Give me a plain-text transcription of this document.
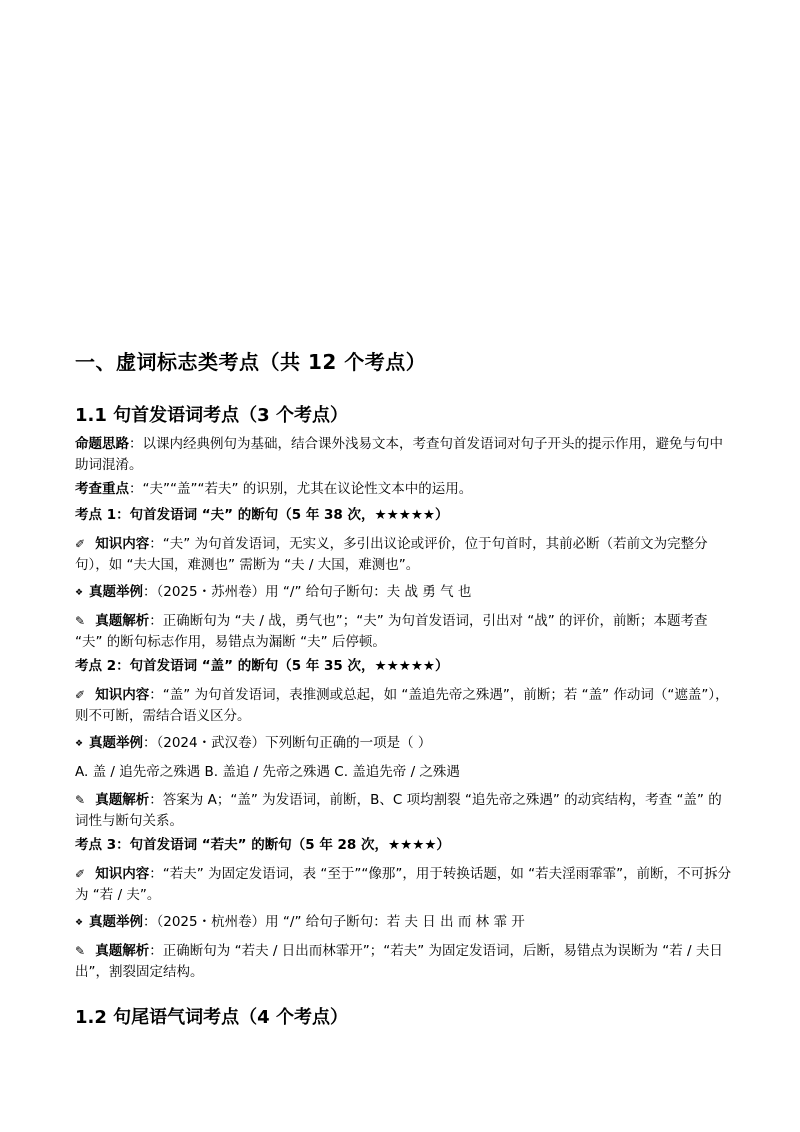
一、虚词标志类考点（共 12 个考点）
1.1 句首发语词考点（3 个考点）
命题思路：以课内经典例句为基础，结合课外浅易文本，考查句首发语词对句子开头的提示作用，避免与句中助词混淆。
考查重点：“夫”“盖”“若夫” 的识别，尤其在议论性文本中的运用。
考点 1：句首发语词 “夫” 的断句（5 年 38 次，★★★★★）
✐ 知识内容：“夫” 为句首发语词，无实义，多引出议论或评价，位于句首时，其前必断（若前文为完整分句），如 “夫大国，难测也” 需断为 “夫 / 大国，难测也”。
❖ 真题举例：（2025・苏州卷）用 “/” 给句子断句：夫 战 勇 气 也
✎ 真题解析：正确断句为 “夫 / 战，勇气也”；“夫” 为句首发语词，引出对 “战” 的评价，前断；本题考查 “夫” 的断句标志作用，易错点为漏断 “夫” 后停顿。
考点 2：句首发语词 “盖” 的断句（5 年 35 次，★★★★★）
✐ 知识内容：“盖” 为句首发语词，表推测或总起，如 “盖追先帝之殊遇”，前断；若 “盖” 作动词（“遮盖”），则不可断，需结合语义区分。
❖ 真题举例：（2024・武汉卷）下列断句正确的一项是（ ）
A. 盖 / 追先帝之殊遇 B. 盖追 / 先帝之殊遇 C. 盖追先帝 / 之殊遇
✎ 真题解析：答案为 A；“盖” 为发语词，前断，B、C 项均割裂 “追先帝之殊遇” 的动宾结构，考查 “盖” 的词性与断句关系。
考点 3：句首发语词 “若夫” 的断句（5 年 28 次，★★★★）
✐ 知识内容：“若夫” 为固定发语词，表 “至于”“像那”，用于转换话题，如 “若夫淫雨霏霏”，前断，不可拆分为 “若 / 夫”。
❖ 真题举例：（2025・杭州卷）用 “/” 给句子断句：若 夫 日 出 而 林 霏 开
✎ 真题解析：正确断句为 “若夫 / 日出而林霏开”；“若夫” 为固定发语词，后断，易错点为误断为 “若 / 夫日出”，割裂固定结构。
1.2 句尾语气词考点（4 个考点）
